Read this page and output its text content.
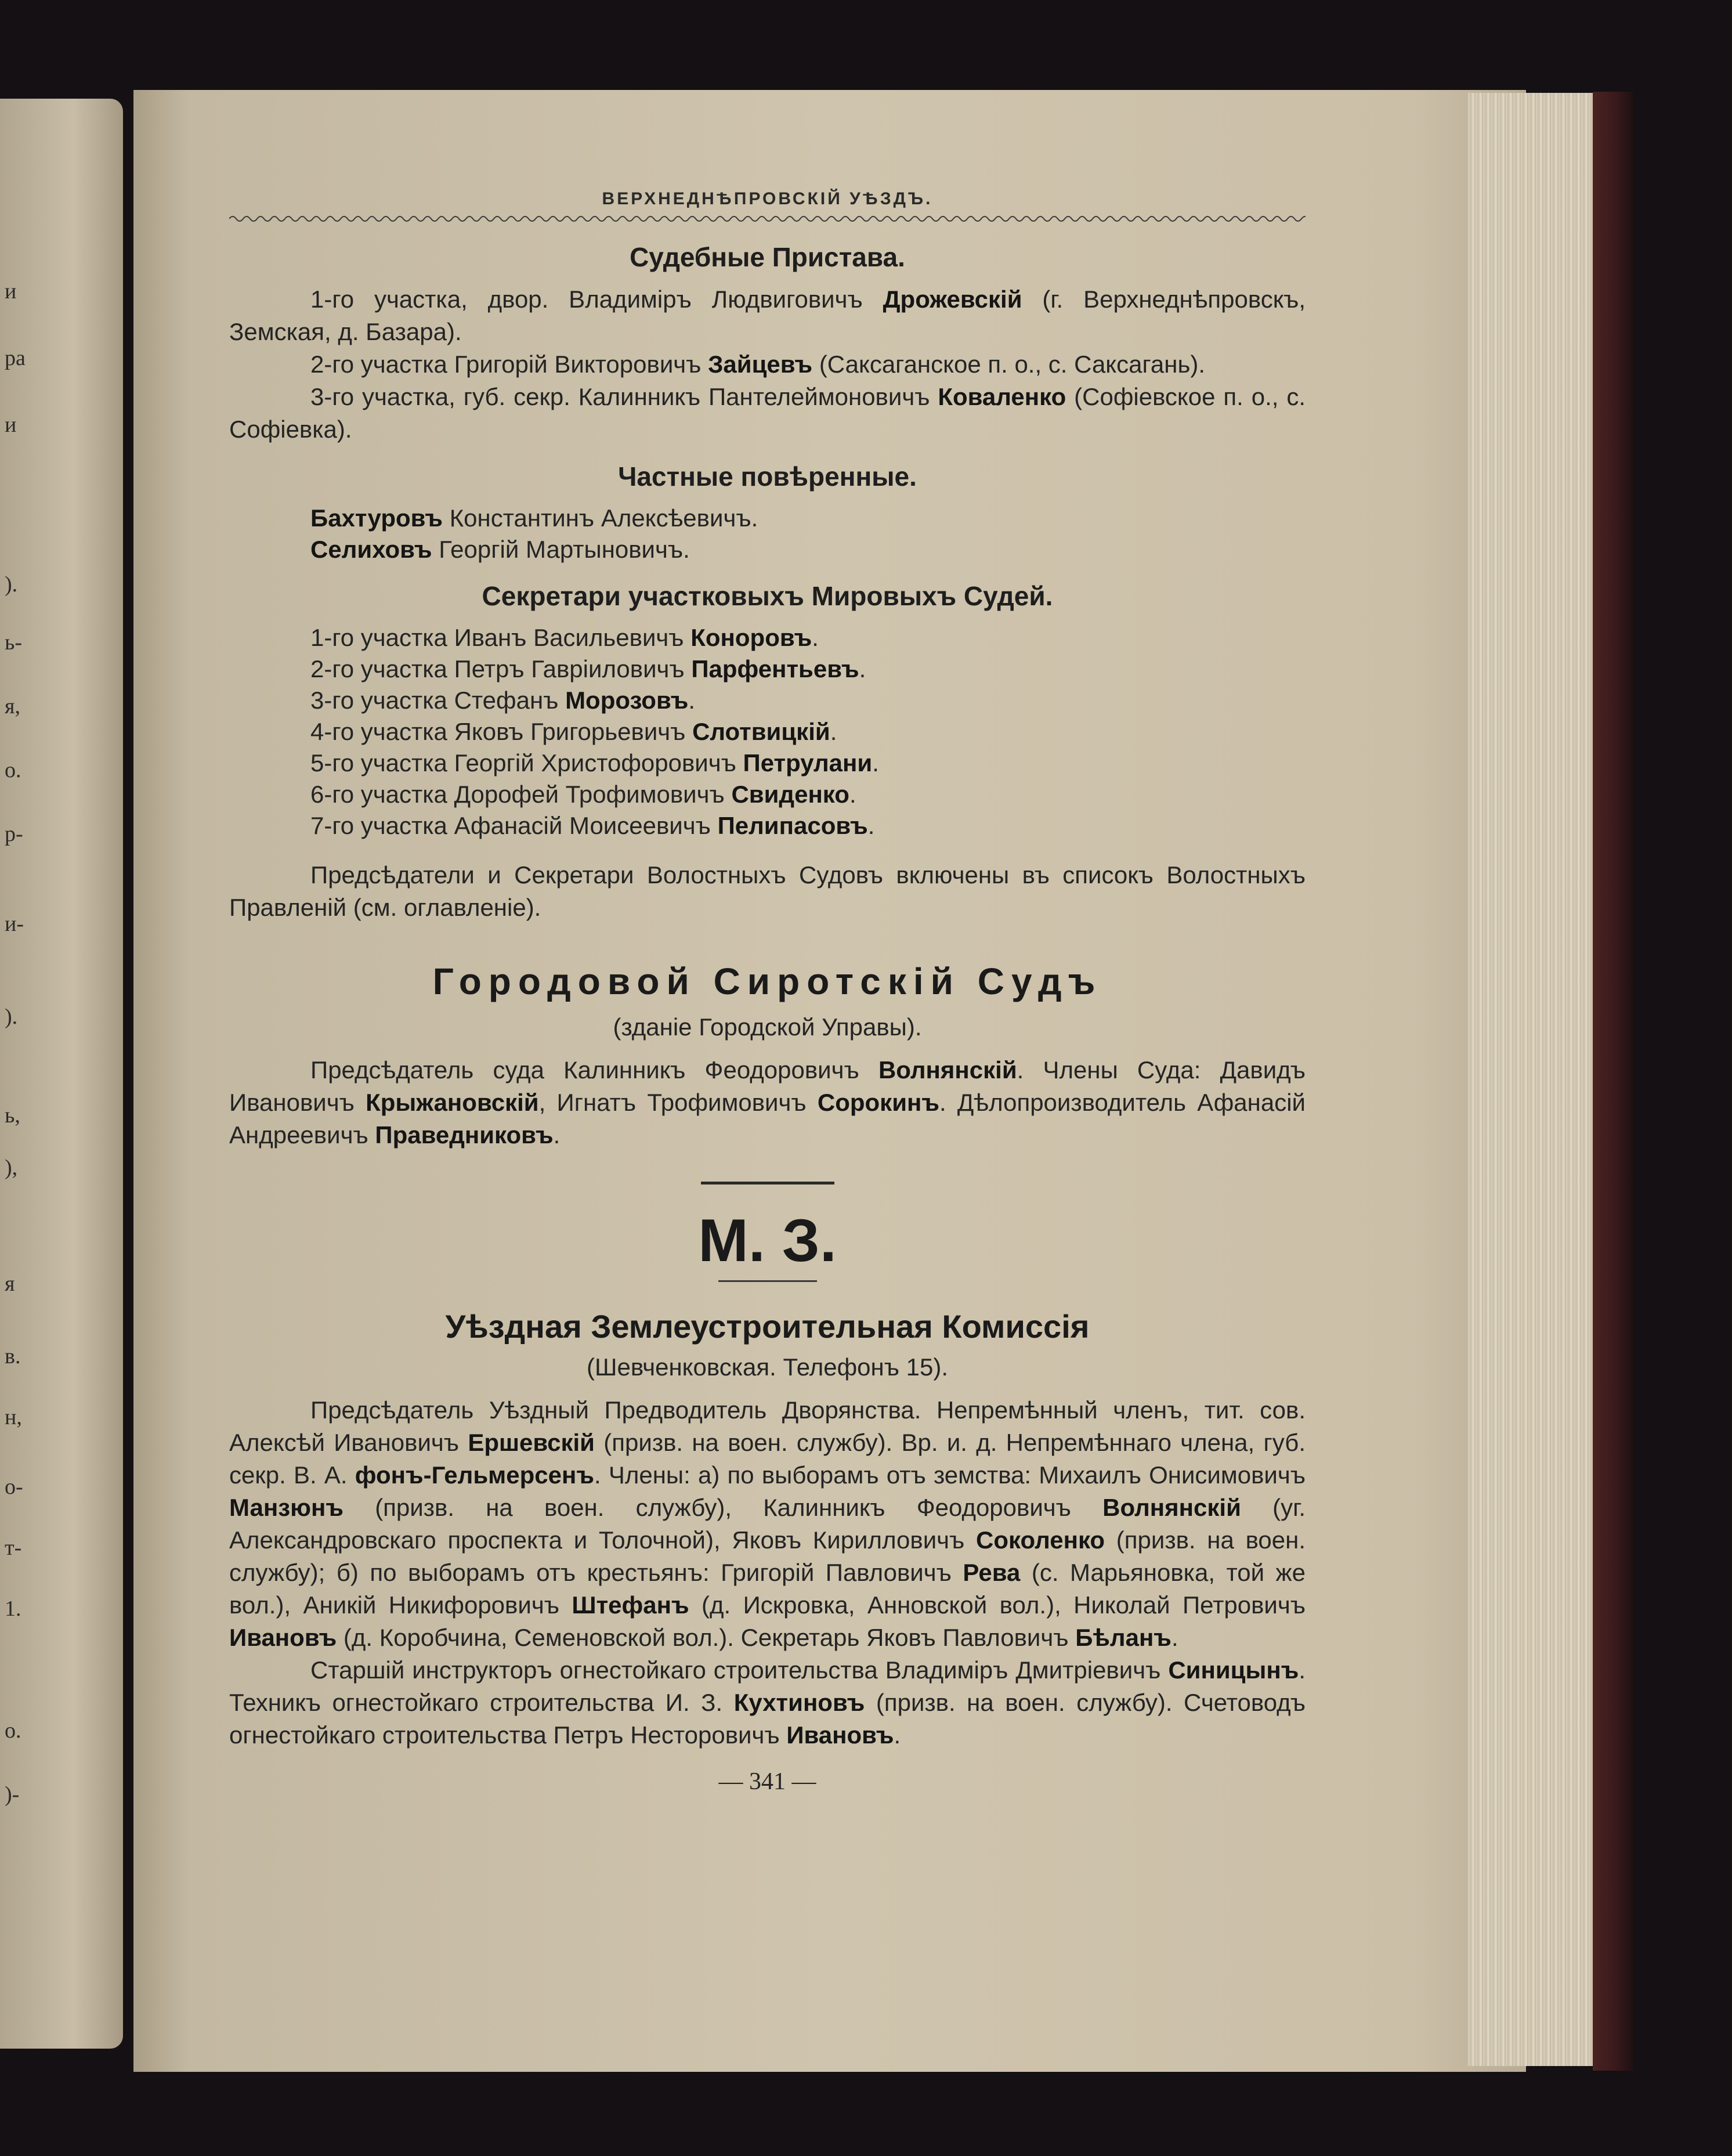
и
ра
и
).
ь-
я,
о.
р-
и-
).
ь,
),
я
в.
н,
о-
т-
1.
о.
)-
ВЕРХНЕДНѢПРОВСКІЙ УѢЗДЪ.
Судебные Пристава.

1-го участка, двор. Владиміръ Людвиговичъ Дрожевскій (г. Верхнеднѣпровскъ, Земская, д. Базара).

2-го участка Григорій Викторовичъ Зайцевъ (Саксаганское п. о., с. Саксагань).

3-го участка, губ. секр. Калинникъ Пантелеймоновичъ Коваленко (Софіевское п. о., с. Софіевка).

Частные повѣренные.

Бахтуровъ Константинъ Алексѣевичъ.

Селиховъ Георгій Мартыновичъ.

Секретари участковыхъ Мировыхъ Судей.

1-го участка Иванъ Васильевичъ Коноровъ.

2-го участка Петръ Гавріиловичъ Парфентьевъ.

3-го участка Стефанъ Морозовъ.

4-го участка Яковъ Григорьевичъ Слотвицкій.

5-го участка Георгій Христофоровичъ Петрулани.

6-го участка Дорофей Трофимовичъ Свиденко.

7-го участка Афанасій Моисеевичъ Пелипасовъ.

Предсѣдатели и Секретари Волостныхъ Судовъ включены въ списокъ Волостныхъ Правленій (см. оглавленіе).

Городовой Сиротскій Судъ
(зданіе Городской Управы).

Предсѣдатель суда Калинникъ Феодоровичъ Волнянскій. Члены Суда: Давидъ Ивановичъ Крыжановскій, Игнатъ Трофимовичъ Сорокинъ. Дѣлопроизводитель Афанасій Андреевичъ Праведниковъ.

М. З.
Уѣздная Землеустроительная Комиссія
(Шевченковская. Телефонъ 15).

Предсѣдатель Уѣздный Предводитель Дворянства. Непремѣнный членъ, тит. сов. Алексѣй Ивановичъ Ершевскій (призв. на воен. службу). Вр. и. д. Непремѣннаго члена, губ. секр. В. А. фонъ-Гельмерсенъ. Члены: а) по выборамъ отъ земства: Михаилъ Онисимовичъ Манзюнъ (призв. на воен. службу), Калинникъ Феодоровичъ Волнянскій (уг. Александровскаго проспекта и Толочной), Яковъ Кирилловичъ Соколенко (призв. на воен. службу); б) по выборамъ отъ крестьянъ: Григорій Павловичъ Рева (с. Марьяновка, той же вол.), Аникій Никифоровичъ Штефанъ (д. Искровка, Анновской вол.), Николай Петровичъ Ивановъ (д. Коробчина, Семеновской вол.). Секретарь Яковъ Павловичъ Бѣланъ.

Старшій инструкторъ огнестойкаго строительства Владиміръ Дмитріевичъ Синицынъ. Техникъ огнестойкаго строительства И. З. Кухтиновъ (призв. на воен. службу). Счетоводъ огнестойкаго строительства Петръ Несторовичъ Ивановъ.

— 341 —
